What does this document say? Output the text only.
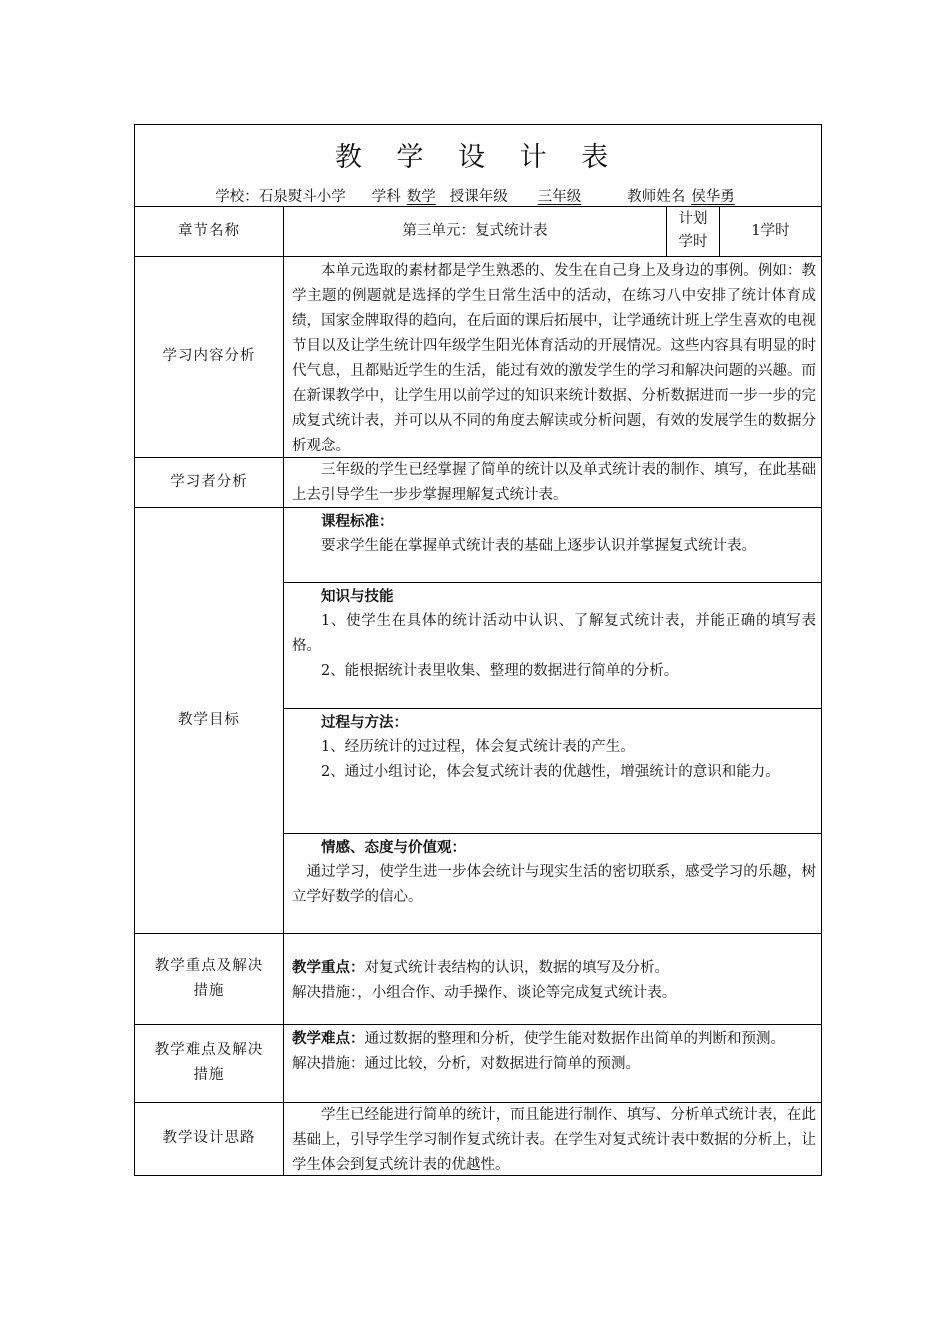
教 学 设 计 表
学校：石泉熨斗小学 学科 数学 授课年级 三年级	教师姓名 侯华勇
章节名称	第三单元：复式统计表
计划
学时
1学时
学习内容分析

本单元选取的素材都是学生熟悉的、发生在自己身上及身边的事例。例如：教学主题的例题就是选择的学生日常生活中的活动，在练习八中安排了统计体育成绩，国家金牌取得的趋向，在后面的课后拓展中，让学通统计班上学生喜欢的电视节目以及让学生统计四年级学生阳光体育活动的开展情况。这些内容具有明显的时代气息，且都贴近学生的生活，能过有效的激发学生的学习和解决问题的兴趣。而在新课教学中，让学生用以前学过的知识来统计数据、分析数据进而一步一步的完成复式统计表，并可以从不同的角度去解读或分析问题，有效的发展学生的数据分析观念。

学习者分析

三年级的学生已经掌握了简单的统计以及单式统计表的制作、填写，在此基础上去引导学生一步步掌握理解复式统计表。

教学目标

课程标准：

要求学生能在掌握单式统计表的基础上逐步认识并掌握复式统计表。

知识与技能

1、使学生在具体的统计活动中认识、了解复式统计表，并能正确的填写表格。

2、能根据统计表里收集、整理的数据进行简单的分析。

过程与方法：

1、经历统计的过过程，体会复式统计表的产生。

2、通过小组讨论，体会复式统计表的优越性，增强统计的意识和能力。

情感、态度与价值观：

通过学习，使学生进一步体会统计与现实生活的密切联系，感受学习的乐趣，树立学好数学的信心。

教学重点及解决措施

教学重点：对复式统计表结构的认识，数据的填写及分析。

解决措施：，小组合作、动手操作、谈论等完成复式统计表。

教学难点及解决措施

教学难点：通过数据的整理和分析，使学生能对数据作出简单的判断和预测。

解决措施：通过比较，分析，对数据进行简单的预测。

教学设计思路

学生已经能进行简单的统计，而且能进行制作、填写、分析单式统计表，在此基础上，引导学生学习制作复式统计表。在学生对复式统计表中数据的分析上，让学生体会到复式统计表的优越性。
